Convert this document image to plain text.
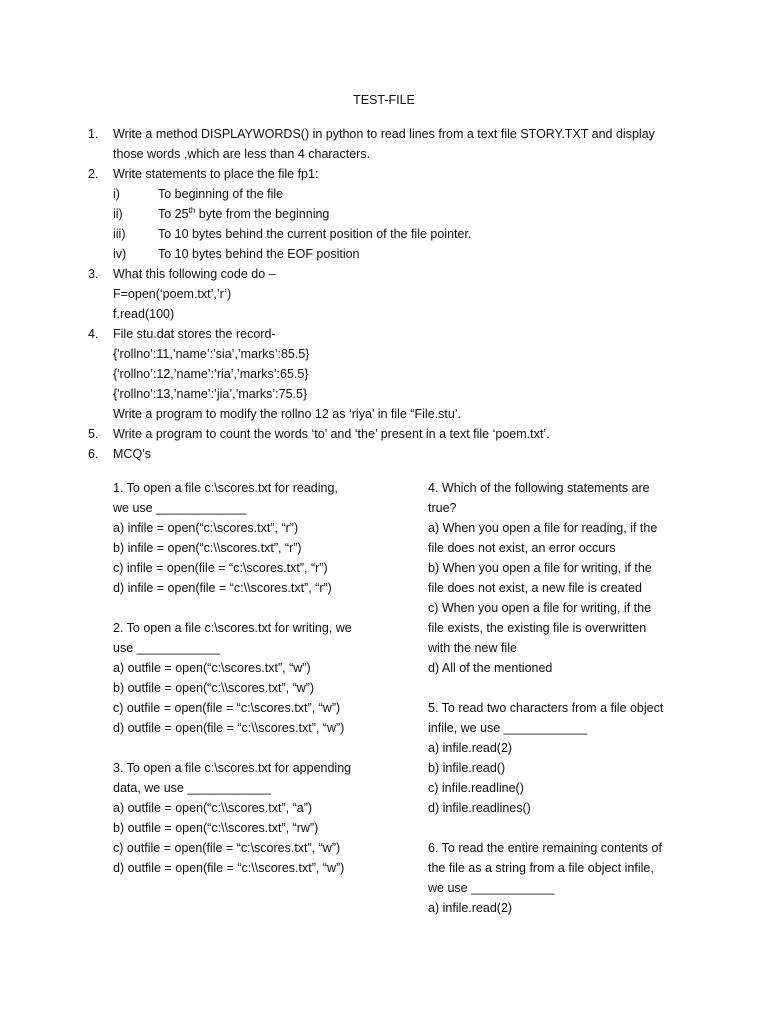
TEST-FILE
1. Write a method DISPLAYWORDS() in python to read lines from a text file STORY.TXT and display
those words ,which are less than 4 characters.
2. Write statements to place the file fp1:
i)	To beginning of the file
ii)	To 25th byte from the beginning
iii)	To 10 bytes behind the current position of the file pointer.
iv)	To 10 bytes behind the EOF position
3. What this following code do –
F=open(‘poem.txt’,’r’)
f.read(100)
4. File stu.dat stores the record-
{'rollno’:11,’name’:’sia’,’marks’:85.5}
{'rollno’:12,’name’:’ria’,’marks’:65.5}
{'rollno’:13,’name’:’jia’,’marks’:75.5}
Write a program to modify the rollno 12 as ‘riya’ in file “File.stu’.
5. Write a program to count the words ‘to’ and ‘the’ present in a text file ‘poem.txt’.
6. MCQ’s
1. To open a file c:\scores.txt for reading,
we use _____________
a) infile = open(“c:\scores.txt”, “r”)
b) infile = open(“c:\\scores.txt”, “r”)
c) infile = open(file = “c:\scores.txt”, “r”)
d) infile = open(file = “c:\\scores.txt”, “r”)
2. To open a file c:\scores.txt for writing, we
use ____________
a) outfile = open(“c:\scores.txt”, “w”)
b) outfile = open(“c:\\scores.txt”, “w”)
c) outfile = open(file = “c:\scores.txt”, “w”)
d) outfile = open(file = “c:\\scores.txt”, “w”)
3. To open a file c:\scores.txt for appending
data, we use ____________
a) outfile = open(“c:\\scores.txt”, “a”)
b) outfile = open(“c:\\scores.txt”, “rw”)
c) outfile = open(file = “c:\scores.txt”, “w”)
d) outfile = open(file = “c:\\scores.txt”, “w”)
4. Which of the following statements are
true?
a) When you open a file for reading, if the
file does not exist, an error occurs
b) When you open a file for writing, if the
file does not exist, a new file is created
c) When you open a file for writing, if the
file exists, the existing file is overwritten
with the new file
d) All of the mentioned
5. To read two characters from a file object
infile, we use ____________
a) infile.read(2)
b) infile.read()
c) infile.readline()
d) infile.readlines()
6. To read the entire remaining contents of
the file as a string from a file object infile,
we use ____________
a) infile.read(2)
